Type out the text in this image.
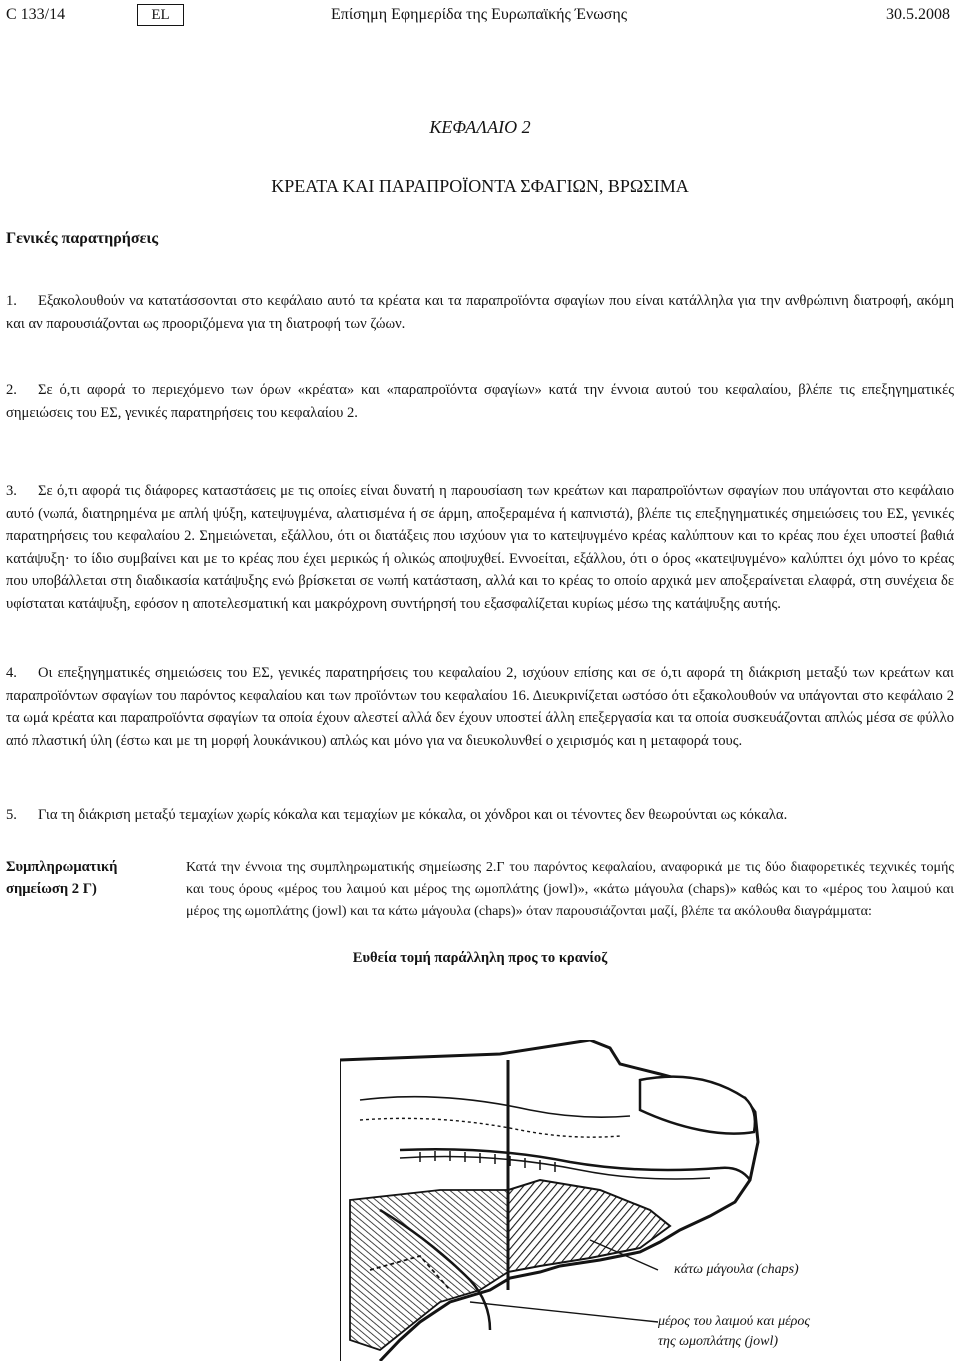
C 133/14	EL	Επίσημη Εφημερίδα της Ευρωπαϊκής Ένωσης	30.5.2008
ΚΕΦΑΛΑΙΟ 2
ΚΡΕΑΤΑ ΚΑΙ ΠΑΡΑΠΡΟΪΟΝΤΑ ΣΦΑΓΙΩΝ, ΒΡΩΣΙΜΑ
Γενικές παρατηρήσεις
1. Εξακολουθούν να κατατάσσονται στο κεφάλαιο αυτό τα κρέατα και τα παραπροϊόντα σφαγίων που είναι κατάλληλα για την ανθρώπινη διατροφή, ακόμη και αν παρουσιάζονται ως προοριζόμενα για τη διατροφή των ζώων.
2. Σε ό,τι αφορά το περιεχόμενο των όρων «κρέατα» και «παραπροϊόντα σφαγίων» κατά την έννοια αυτού του κεφαλαίου, βλέπε τις επεξηγηματικές σημειώσεις του ΕΣ, γενικές παρατηρήσεις του κεφαλαίου 2.
3. Σε ό,τι αφορά τις διάφορες καταστάσεις με τις οποίες είναι δυνατή η παρουσίαση των κρεάτων και παραπροϊόντων σφαγίων που υπάγονται στο κεφάλαιο αυτό (νωπά, διατηρημένα με απλή ψύξη, κατεψυγμένα, αλατισμένα ή σε άρμη, αποξεραμένα ή καπνιστά), βλέπε τις επεξηγηματικές σημειώσεις του ΕΣ, γενικές παρατηρήσεις του κεφαλαίου 2. Σημειώνεται, εξάλλου, ότι οι διατάξεις που ισχύουν για το κατεψυγμένο κρέας καλύπτουν και το κρέας που έχει υποστεί βαθιά κατάψυξη· το ίδιο συμβαίνει και με το κρέας που έχει μερικώς ή ολικώς αποψυχθεί. Εννοείται, εξάλλου, ότι ο όρος «κατεψυγμένο» καλύπτει όχι μόνο το κρέας που υποβάλλεται στη διαδικασία κατάψυξης ενώ βρίσκεται σε νωπή κατάσταση, αλλά και το κρέας το οποίο αρχικά μεν αποξεραίνεται ελαφρά, στη συνέχεια δε υφίσταται κατάψυξη, εφόσον η αποτελεσματική και μακρόχρονη συντήρησή του εξασφαλίζεται κυρίως μέσω της κατάψυξης αυτής.
4. Οι επεξηγηματικές σημειώσεις του ΕΣ, γενικές παρατηρήσεις του κεφαλαίου 2, ισχύουν επίσης και σε ό,τι αφορά τη διάκριση μεταξύ των κρεάτων και παραπροϊόντων σφαγίων του παρόντος κεφαλαίου και των προϊόντων του κεφαλαίου 16. Διευκρινίζεται ωστόσο ότι εξακολουθούν να υπάγονται στο κεφάλαιο 2 τα ωμά κρέατα και παραπροϊόντα σφαγίων τα οποία έχουν αλεστεί αλλά δεν έχουν υποστεί άλλη επεξεργασία και τα οποία συσκευάζονται απλώς μέσα σε φύλλο από πλαστική ύλη (έστω και με τη μορφή λουκάνικου) απλώς και μόνο για να διευκολυνθεί ο χειρισμός και η μεταφορά τους.
5. Για τη διάκριση μεταξύ τεμαχίων χωρίς κόκαλα και τεμαχίων με κόκαλα, οι χόνδροι και οι τένοντες δεν θεωρούνται ως κόκαλα.
Συμπληρωματική
σημείωση 2 Γ)
Κατά την έννοια της συμπληρωματικής σημείωσης 2.Γ του παρόντος κεφαλαίου, αναφορικά με τις δύο διαφορετικές τεχνικές τομής και τους όρους «μέρος του λαιμού και μέρος της ωμοπλάτης (jowl)», «κάτω μάγουλα (chaps)» καθώς και το «μέρος του λαιμού και μέρος της ωμοπλάτης (jowl) και τα κάτω μάγουλα (chaps)» όταν παρουσιάζονται μαζί, βλέπε τα ακόλουθα διαγράμματα:
Ευθεία τομή παράλληλη προς το κρανίοζ
κάτω μάγουλα (chaps)
μέρος του λαιμού και μέρος
της ωμοπλάτης (jowl)
